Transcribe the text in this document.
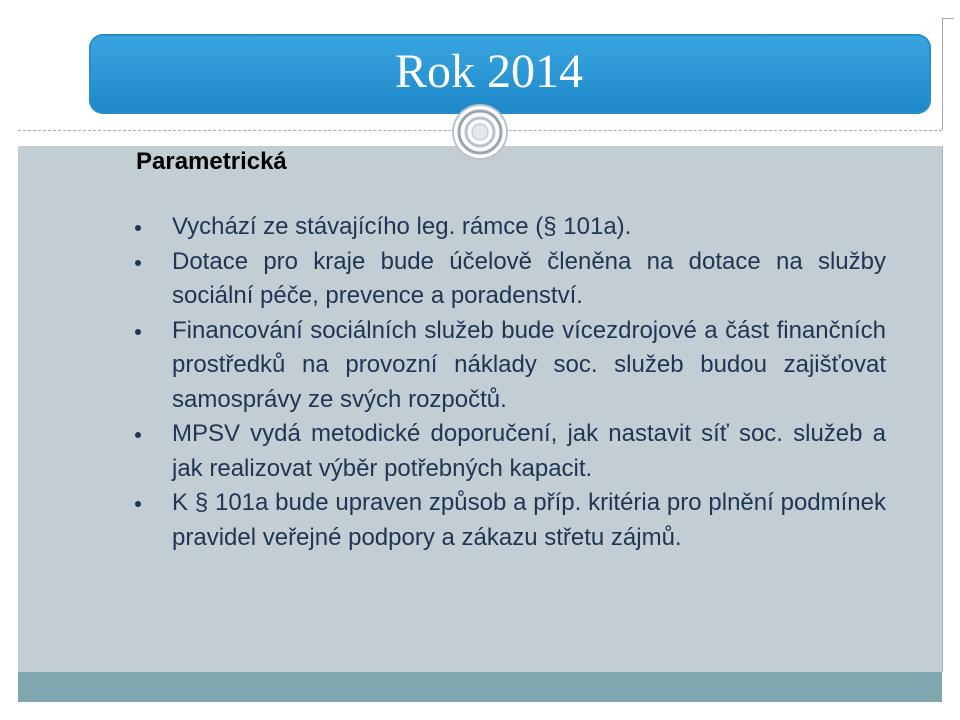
Rok 2014
Parametrická
Vychází ze stávajícího leg. rámce (§ 101a).
Dotace pro kraje bude účelově členěna na dotace na služby sociální péče, prevence a poradenství.
Financování sociálních služeb bude vícezdrojové a část finančních prostředků na provozní náklady soc. služeb budou zajišťovat samosprávy ze svých rozpočtů.
MPSV vydá metodické doporučení, jak nastavit síť soc. služeb a jak realizovat výběr potřebných kapacit.
K § 101a bude upraven způsob a příp. kritéria pro plnění podmínek pravidel veřejné podpory a zákazu střetu zájmů.
